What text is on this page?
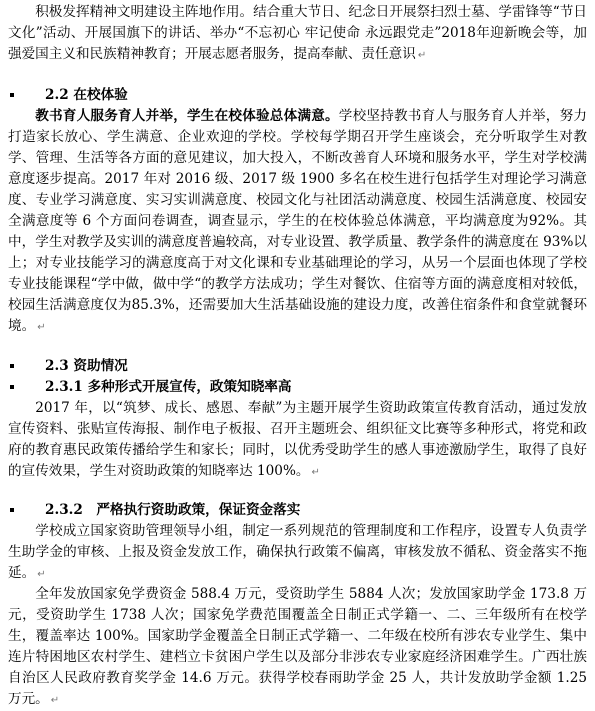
积极发挥精神文明建设主阵地作用。结合重大节日、纪念日开展祭扫烈士墓、学雷锋等“节日文化”活动、开展国旗下的讲话、举办“不忘初心 牢记使命 永远跟党走”2018年迎新晚会等，加强爱国主义和民族精神教育；开展志愿者服务，提高奉献、责任意识 ↵
2.2 在校体验
教书育人服务育人并举，学生在校体验总体满意。学校坚持教书育人与服务育人并举，努力打造家长放心、学生满意、企业欢迎的学校。学校每学期召开学生座谈会，充分听取学生对教学、管理、生活等各方面的意见建议，加大投入，不断改善育人环境和服务水平，学生对学校满意度逐步提高。2017 年对 2016 级、2017 级 1900 多名在校生进行包括学生对理论学习满意度、专业学习满意度、实习实训满意度、校园文化与社团活动满意度、校园生活满意度、校园安全满意度等 6 个方面问卷调查，调查显示，学生的在校体验总体满意，平均满意度为92%。其中，学生对教学及实训的满意度普遍较高，对专业设置、教学质量、教学条件的满意度在 93%以上；对专业技能学习的满意度高于对文化课和专业基础理论的学习，从另一个层面也体现了学校专业技能课程“学中做，做中学“的教学方法成功；学生对餐饮、住宿等方面的满意度相对较低，校园生活满意度仅为85.3%，还需要加大生活基础设施的建设力度，改善住宿条件和食堂就餐环境。 ↵
2.3 资助情况
2.3.1 多种形式开展宣传，政策知晓率高
2017 年，以“筑梦、成长、感恩、奉献”为主题开展学生资助政策宣传教育活动，通过发放宣传资料、张贴宣传海报、制作电子板报、召开主题班会、组织征文比赛等多种形式，将党和政府的教育惠民政策传播给学生和家长；同时，以优秀受助学生的感人事迹激励学生，取得了良好的宣传效果，学生对资助政策的知晓率达 100%。 ↵
2.3.2　严格执行资助政策，保证资金落实
学校成立国家资助管理领导小组，制定一系列规范的管理制度和工作程序，设置专人负责学生助学金的审核、上报及资金发放工作，确保执行政策不偏离，审核发放不循私、资金落实不拖延。 ↵
全年发放国家免学费资金 588.4 万元，受资助学生 5884 人次；发放国家助学金 173.8 万元，受资助学生 1738 人次；国家免学费范围覆盖全日制正式学籍一、二、三年级所有在校学生，覆盖率达 100%。国家助学金覆盖全日制正式学籍一、二年级在校所有涉农专业学生、集中连片特困地区农村学生、建档立卡贫困户学生以及部分非涉农专业家庭经济困难学生。广西壮族自治区人民政府教育奖学金 14.6 万元。获得学校春雨助学金 25 人，共计发放助学金额 1.25 万元。 ↵
